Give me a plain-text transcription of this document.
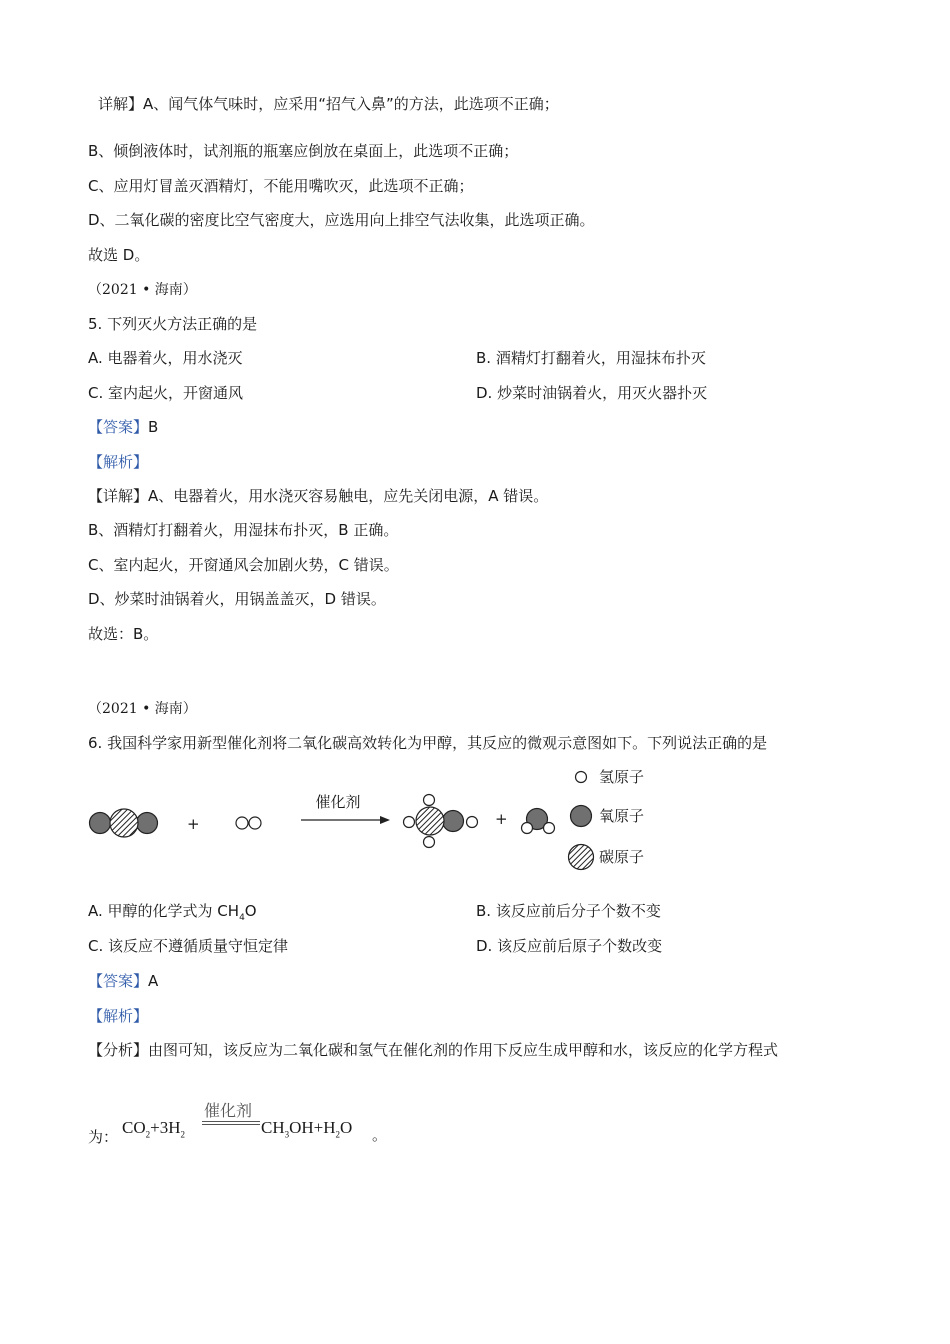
详解】A、闻气体气味时，应采用“招气入鼻”的方法，此选项不正确；
B、倾倒液体时，试剂瓶的瓶塞应倒放在桌面上，此选项不正确；
C、应用灯冒盖灭酒精灯，不能用嘴吹灭，此选项不正确；
D、二氧化碳的密度比空气密度大，应选用向上排空气法收集，此选项正确。
故选 D。
（2021 • 海南）
5. 下列灭火方法正确的是
A. 电器着火，用水浇灭	B. 酒精灯打翻着火，用湿抹布扑灭
C. 室内起火，开窗通风	D. 炒菜时油锅着火，用灭火器扑灭
【答案】B
【解析】
【详解】A、电器着火，用水浇灭容易触电，应先关闭电源，A 错误。
B、酒精灯打翻着火，用湿抹布扑灭，B 正确。
C、室内起火，开窗通风会加剧火势，C 错误。
D、炒菜时油锅着火，用锅盖盖灭，D 错误。
故选：B。
（2021 • 海南）
6. 我国科学家用新型催化剂将二氧化碳高效转化为甲醇，其反应的微观示意图如下。下列说法正确的是
+
催化剂
+
氢原子
氧原子
碳原子
A. 甲醇的化学式为 $CH_4O$	B. 该反应前后分子个数不变
C. 该反应不遵循质量守恒定律	D. 该反应前后原子个数改变
【答案】A
【解析】
【分析】由图可知，该反应为二氧化碳和氢气在催化剂的作用下反应生成甲醇和水，该反应的化学方程式
为： $CO_2+3H_2$
催化剂
$CH_3OH+H_2O$ 。
